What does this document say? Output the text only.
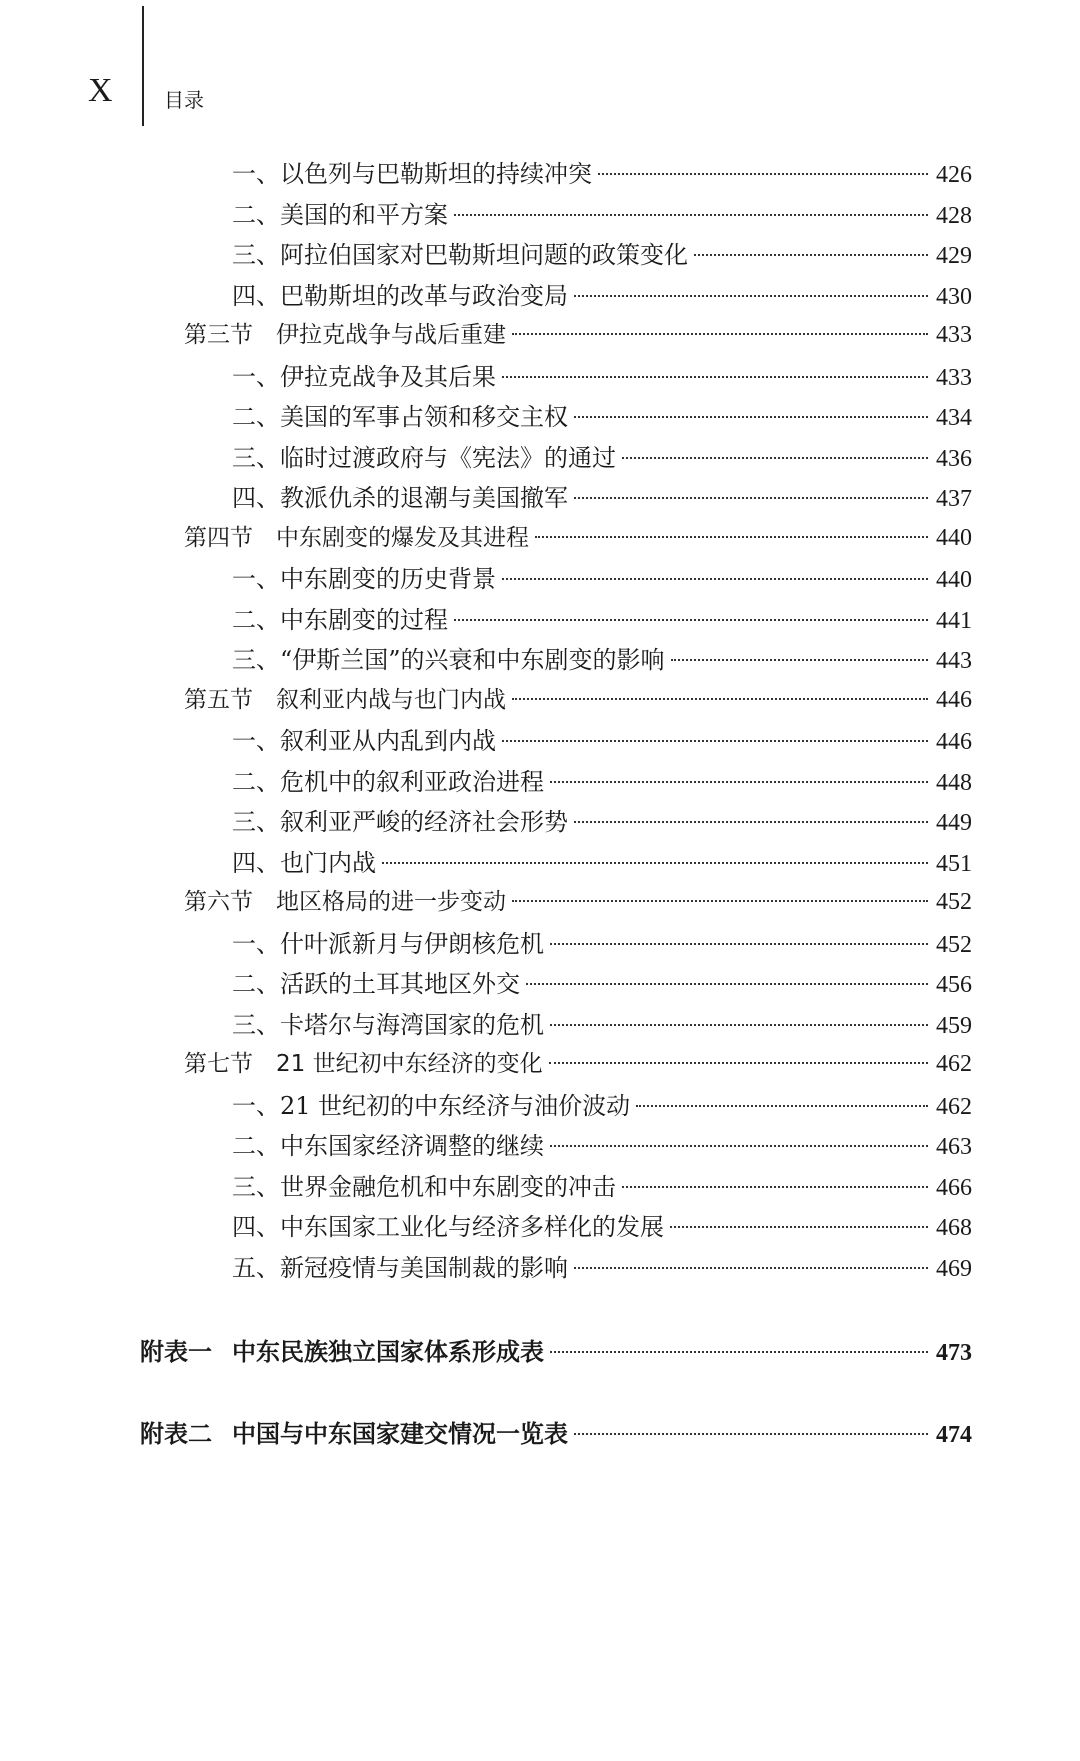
X	目录
一、以色列与巴勒斯坦的持续冲突	426
二、美国的和平方案	428
三、阿拉伯国家对巴勒斯坦问题的政策变化	429
四、巴勒斯坦的改革与政治变局	430
第三节	伊拉克战争与战后重建	433
一、伊拉克战争及其后果	433
二、美国的军事占领和移交主权	434
三、临时过渡政府与《宪法》的通过	436
四、教派仇杀的退潮与美国撤军	437
第四节	中东剧变的爆发及其进程	440
一、中东剧变的历史背景	440
二、中东剧变的过程	441
三、“伊斯兰国”的兴衰和中东剧变的影响	443
第五节	叙利亚内战与也门内战	446
一、叙利亚从内乱到内战	446
二、危机中的叙利亚政治进程	448
三、叙利亚严峻的经济社会形势	449
四、也门内战	451
第六节	地区格局的进一步变动	452
一、什叶派新月与伊朗核危机	452
二、活跃的土耳其地区外交	456
三、卡塔尔与海湾国家的危机	459
第七节	21 世纪初中东经济的变化	462
一、21 世纪初的中东经济与油价波动	462
二、中东国家经济调整的继续	463
三、世界金融危机和中东剧变的冲击	466
四、中东国家工业化与经济多样化的发展	468
五、新冠疫情与美国制裁的影响	469
附表一 中东民族独立国家体系形成表	473
附表二 中国与中东国家建交情况一览表	474
